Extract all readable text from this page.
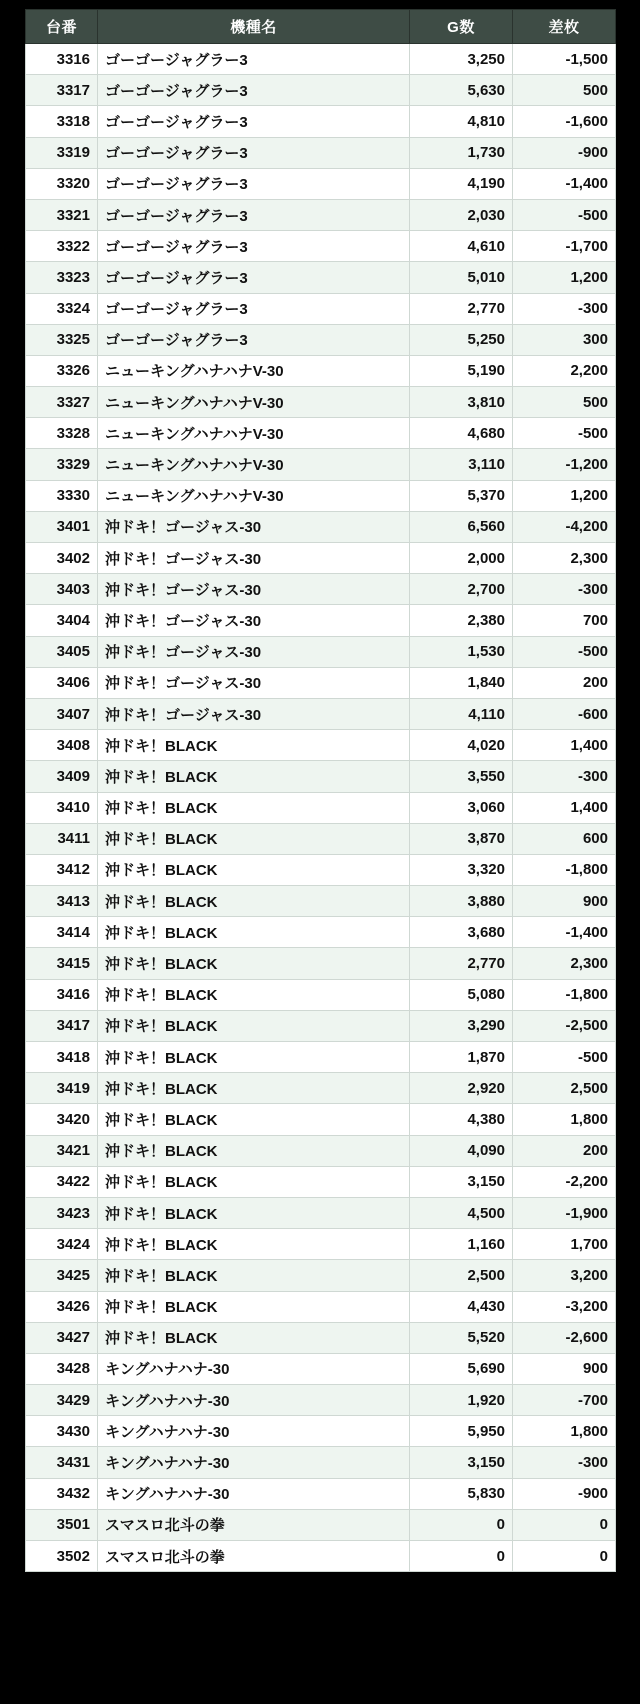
台番	機種名	G数	差枚
3316	ゴーゴージャグラー3	3,250	-1,500
3317	ゴーゴージャグラー3	5,630	500
3318	ゴーゴージャグラー3	4,810	-1,600
3319	ゴーゴージャグラー3	1,730	-900
3320	ゴーゴージャグラー3	4,190	-1,400
3321	ゴーゴージャグラー3	2,030	-500
3322	ゴーゴージャグラー3	4,610	-1,700
3323	ゴーゴージャグラー3	5,010	1,200
3324	ゴーゴージャグラー3	2,770	-300
3325	ゴーゴージャグラー3	5,250	300
3326	ニューキングハナハナV-30	5,190	2,200
3327	ニューキングハナハナV-30	3,810	500
3328	ニューキングハナハナV-30	4,680	-500
3329	ニューキングハナハナV-30	3,110	-1,200
3330	ニューキングハナハナV-30	5,370	1,200
3401	沖ドキ！ゴージャス-30	6,560	-4,200
3402	沖ドキ！ゴージャス-30	2,000	2,300
3403	沖ドキ！ゴージャス-30	2,700	-300
3404	沖ドキ！ゴージャス-30	2,380	700
3405	沖ドキ！ゴージャス-30	1,530	-500
3406	沖ドキ！ゴージャス-30	1,840	200
3407	沖ドキ！ゴージャス-30	4,110	-600
3408	沖ドキ！BLACK	4,020	1,400
3409	沖ドキ！BLACK	3,550	-300
3410	沖ドキ！BLACK	3,060	1,400
3411	沖ドキ！BLACK	3,870	600
3412	沖ドキ！BLACK	3,320	-1,800
3413	沖ドキ！BLACK	3,880	900
3414	沖ドキ！BLACK	3,680	-1,400
3415	沖ドキ！BLACK	2,770	2,300
3416	沖ドキ！BLACK	5,080	-1,800
3417	沖ドキ！BLACK	3,290	-2,500
3418	沖ドキ！BLACK	1,870	-500
3419	沖ドキ！BLACK	2,920	2,500
3420	沖ドキ！BLACK	4,380	1,800
3421	沖ドキ！BLACK	4,090	200
3422	沖ドキ！BLACK	3,150	-2,200
3423	沖ドキ！BLACK	4,500	-1,900
3424	沖ドキ！BLACK	1,160	1,700
3425	沖ドキ！BLACK	2,500	3,200
3426	沖ドキ！BLACK	4,430	-3,200
3427	沖ドキ！BLACK	5,520	-2,600
3428	キングハナハナ-30	5,690	900
3429	キングハナハナ-30	1,920	-700
3430	キングハナハナ-30	5,950	1,800
3431	キングハナハナ-30	3,150	-300
3432	キングハナハナ-30	5,830	-900
3501	スマスロ北斗の拳	0	0
3502	スマスロ北斗の拳	0	0
